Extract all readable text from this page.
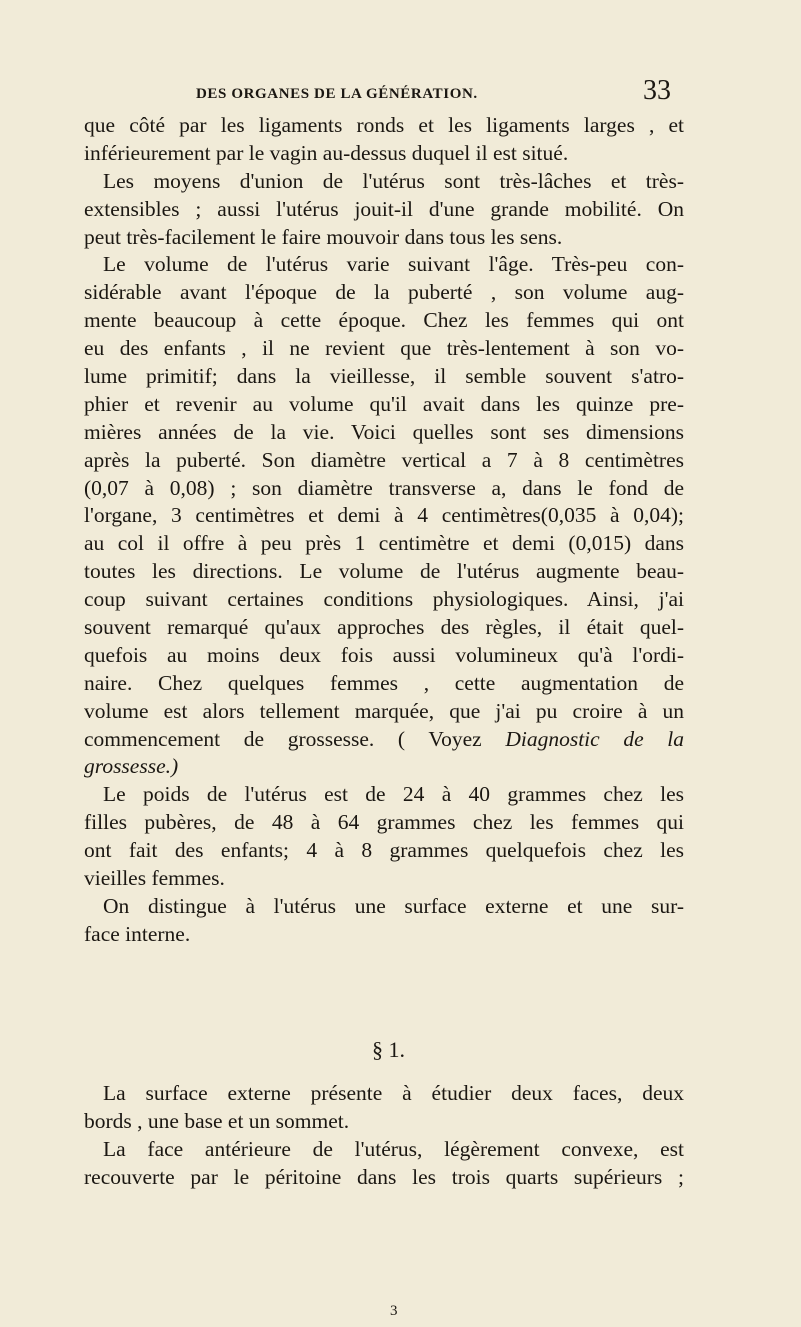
DES ORGANES DE LA GÉNÉRATION.	33
que côté par les ligaments ronds et les ligaments larges , et
inférieurement par le vagin au-dessus duquel il est situé.
Les moyens d'union de l'utérus sont très-lâches et très-
extensibles ; aussi l'utérus jouit-il d'une grande mobilité. On
peut très-facilement le faire mouvoir dans tous les sens.
Le volume de l'utérus varie suivant l'âge. Très-peu con-
sidérable avant l'époque de la puberté , son volume aug-
mente beaucoup à cette époque. Chez les femmes qui ont
eu des enfants , il ne revient que très-lentement à son vo-
lume primitif; dans la vieillesse, il semble souvent s'atro-
phier et revenir au volume qu'il avait dans les quinze pre-
mières années de la vie. Voici quelles sont ses dimensions
après la puberté. Son diamètre vertical a 7 à 8 centimètres
(0,07 à 0,08) ; son diamètre transverse a, dans le fond de
l'organe, 3 centimètres et demi à 4 centimètres(0,035 à 0,04);
au col il offre à peu près 1 centimètre et demi (0,015) dans
toutes les directions. Le volume de l'utérus augmente beau-
coup suivant certaines conditions physiologiques. Ainsi, j'ai
souvent remarqué qu'aux approches des règles, il était quel-
quefois au moins deux fois aussi volumineux qu'à l'ordi-
naire. Chez quelques femmes , cette augmentation de
volume est alors tellement marquée, que j'ai pu croire à un
commencement de grossesse. ( Voyez Diagnostic de la
grossesse.)
Le poids de l'utérus est de 24 à 40 grammes chez les
filles pubères, de 48 à 64 grammes chez les femmes qui
ont fait des enfants; 4 à 8 grammes quelquefois chez les
vieilles femmes.
On distingue à l'utérus une surface externe et une sur-
face interne.
§ 1.
La surface externe présente à étudier deux faces, deux
bords , une base et un sommet.
La face antérieure de l'utérus, légèrement convexe, est
recouverte par le péritoine dans les trois quarts supérieurs ;
3
